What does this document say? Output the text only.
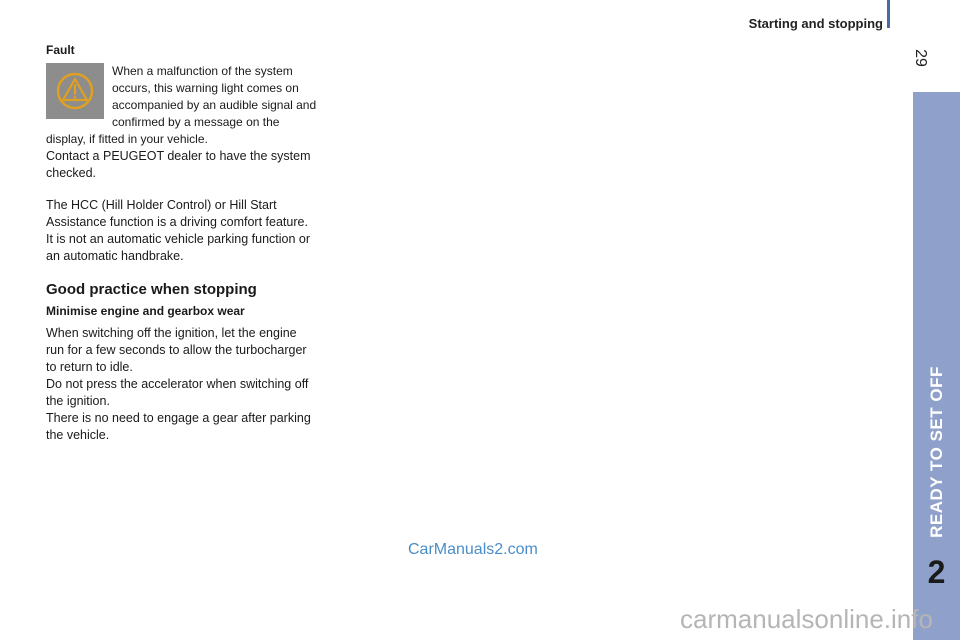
Starting and stopping
29
READY TO SET OFF
2
Fault

When a malfunction of the system occurs, this warning light comes on accompanied by an audible signal and confirmed by a message on the display, if fitted in your vehicle.

Contact a PEUGEOT dealer to have the system checked.

The HCC (Hill Holder Control) or Hill Start Assistance function is a driving comfort feature. It is not an automatic vehicle parking function or an automatic handbrake.

Good practice when stopping
Minimise engine and gearbox wear

When switching off the ignition, let the engine run for a few seconds to allow the turbocharger to return to idle.

Do not press the accelerator when switching off the ignition.

There is no need to engage a gear after parking the vehicle.

CarManuals2.com
carmanualsonline.info
